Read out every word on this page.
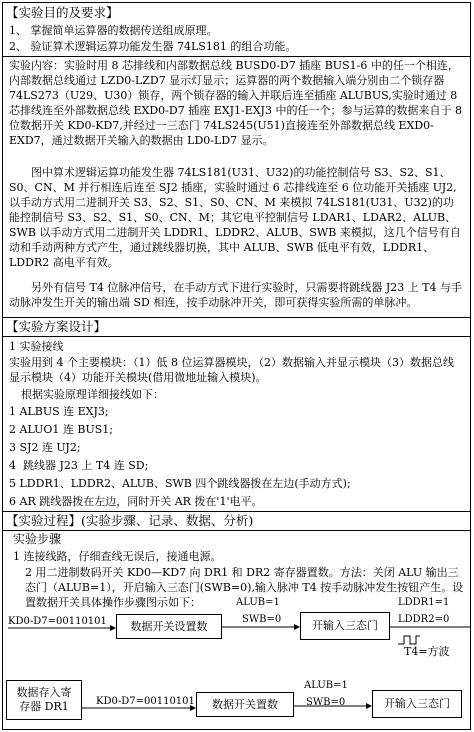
【实验目的及要求】
1、 掌握简单运算器的数据传送组成原理。
2、 验证算术逻辑运算功能发生器 74LS181 的组合功能。
实验内容：实验时用 8 芯排线和内部数据总线 BUSD0-D7 插座 BUS1-6 中的任一个相连，内部数据总线通过 LZD0-LZD7 显示灯显示；运算器的两个数据输入端分别由二个锁存器 74LS273（U29、U30）锁存，两个锁存器的输入并联后连至插座 ALUBUS,实验时通过 8 芯排线连至外部数据总线 EXD0-D7 插座 EXJ1-EXJ3 中的任一个；参与运算的数据来自于 8 位数据开关 KD0-KD7,并经过一三态门 74LS245(U51)直接连至外部数据总线 EXD0-EXD7，通过数据开关输入的数据由 LD0-LD7 显示。
图中算术逻辑运算功能发生器 74LS181(U31、U32)的功能控制信号 S3、S2、S1、S0、CN、M 并行相连后连至 SJ2 插座，实验时通过 6 芯排线连至 6 位功能开关插座 UJ2,以手动方式用二进制开关 S3、S2、S1、S0、CN、M 来模拟 74LS181(U31、U32)的功能控制信号 S3、S2、S1、S0、CN、M；其它电平控制信号 LDAR1、LDAR2、ALUB、SWB 以手动方式用二进制开关 LDDR1、LDDR2、ALUB、SWB 来模拟，这几个信号有自动和手动两种方式产生，通过跳线器切换，其中 ALUB、SWB 低电平有效，LDDR1、LDDR2 高电平有效。
另外有信号 T4 位脉冲信号，在手动方式下进行实验时，只需要将跳线器 J23 上 T4 与手动脉冲发生开关的输出端 SD 相连，按手动脉冲开关，即可获得实验所需的单脉冲。
【实验方案设计】
1 实验接线
实验用到 4 个主要模块：（1）低 8 位运算器模块，（2）数据输入并显示模块（3）数据总线显示模块（4）功能开关模块(借用微地址输入模块)。
根据实验原理详细接线如下：
1 ALBUS 连 EXJ3;
2 ALUO1 连 BUS1;
3 SJ2 连 UJ2;
4  跳线器 J23 上 T4 连 SD;
5 LDDR1、LDDR2、ALUB、SWB 四个跳线器拨在左边(手动方式);
6 AR 跳线器拨在左边，同时开关 AR 拨在'1'电平。
【实验过程】(实验步骤、记录、数据、分析)
实验步骤
1 连接线路，仔细查线无误后，接通电源。
2 用二进制数码开关 KD0—KD7 向 DR1 和 DR2 寄存器置数。方法：关闭 ALU 输出三态门（ALUB=1），开启输入三态门(SWB=0),输入脉冲 T4 按手动脉冲发生按钮产生。设置数据开关具体操作步骤图示如下：
KD0-D7=00110101	数据开关设置数
ALUB=1
SWB=0	开输入三态门
LDDR1=1
LDDR2=0
T4=方波
数据存入寄
存器 DR1	KD0-D7=00110101	数据开关置数
ALUB=1
SWB=0	开输入三态门
